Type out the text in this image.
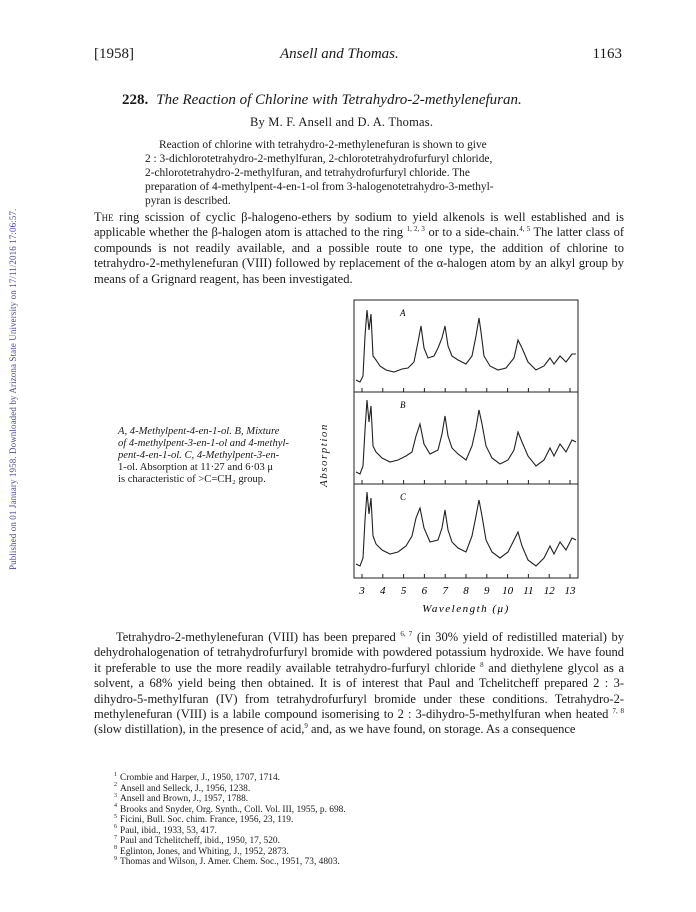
Published on 01 January 1958. Downloaded by Arizona State University on 17/11/2016 17:06:57.
[1958]	Ansell and Thomas.	1163
228. The Reaction of Chlorine with Tetrahydro-2-methylenefuran.
By M. F. Ansell and D. A. Thomas.
Reaction of chlorine with tetrahydro-2-methylenefuran is shown to give
2 : 3-dichlorotetrahydro-2-methylfuran, 2-chlorotetrahydrofurfuryl chloride,
2-chlorotetrahydro-2-methylfuran, and tetrahydrofurfuryl chloride. The
preparation of 4-methylpent-4-en-1-ol from 3-halogenotetrahydro-3-methyl-
pyran is described.
The ring scission of cyclic β-halogeno-ethers by sodium to yield alkenols is well established and is applicable whether the β-halogen atom is attached to the ring $^{1, 2, 3}$ or to a side-chain.$^{4, 5}$ The latter class of compounds is not readily available, and a possible route to one type, the addition of chlorine to tetrahydro-2-methylenefuran (VIII) followed by replacement of the α-halogen atom by an alkyl group by means of a Grignard reagent, has been investigated.
A, 4-Methylpent-4-en-1-ol. B, Mixture
of 4-methylpent-3-en-1-ol and 4-methyl-
pent-4-en-1-ol. C, 4-Methylpent-3-en-
1-ol. Absorption at 11·27 and 6·03 μ
is characteristic of >C=CH₂ group.	Absorption
A
B
C
3 4 5 6 7 8 9 10 11 12 13
Wavelength (μ)
Tetrahydro-2-methylenefuran (VIII) has been prepared $^{6, 7}$ (in 30% yield of redistilled material) by dehydrohalogenation of tetrahydrofurfuryl bromide with powdered potassium hydroxide. We have found it preferable to use the more readily available tetrahydro-furfuryl chloride $^8$ and diethylene glycol as a solvent, a 68% yield being then obtained. It is of interest that Paul and Tchelitcheff prepared 2 : 3-dihydro-5-methylfuran (IV) from tetrahydrofurfuryl bromide under these conditions. Tetrahydro-2-methylenefuran (VIII) is a labile compound isomerising to 2 : 3-dihydro-5-methylfuran when heated $^{7, 8}$ (slow distillation), in the presence of acid,$^9$ and, as we have found, on storage. As a consequence
$^1$ Crombie and Harper, J., 1950, 1707, 1714.
$^2$ Ansell and Selleck, J., 1956, 1238.
$^3$ Ansell and Brown, J., 1957, 1788.
$^4$ Brooks and Snyder, Org. Synth., Coll. Vol. III, 1955, p. 698.
$^5$ Ficini, Bull. Soc. chim. France, 1956, 23, 119.
$^6$ Paul, ibid., 1933, 53, 417.
$^7$ Paul and Tchelitcheff, ibid., 1950, 17, 520.
$^8$ Eglinton, Jones, and Whiting, J., 1952, 2873.
$^9$ Thomas and Wilson, J. Amer. Chem. Soc., 1951, 73, 4803.
